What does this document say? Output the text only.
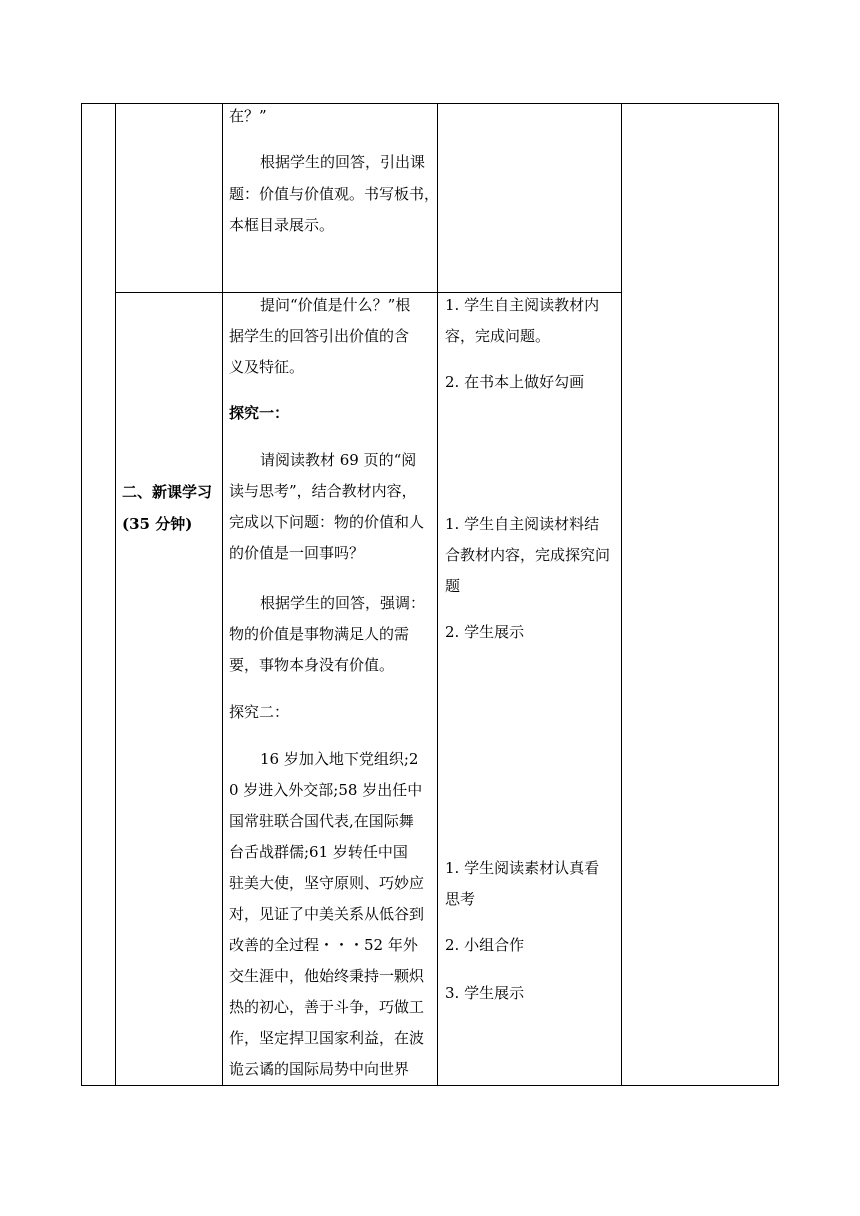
在？”
根据学生的回答，引出课
题：价值与价值观。书写板书，
本框目录展示。
二、新课学习
(35 分钟)
提问“价值是什么？”根
据学生的回答引出价值的含
义及特征。
探究一：
请阅读教材 69 页的“阅
读与思考”，结合教材内容，
完成以下问题：物的价值和人
的价值是一回事吗？
根据学生的回答，强调：
物的价值是事物满足人的需
要，事物本身没有价值。
探究二：
16 岁加入地下党组织;2
0 岁进入外交部;58 岁出任中
国常驻联合国代表,在国际舞
台舌战群儒;61 岁转任中国
驻美大使，坚守原则、巧妙应
对，见证了中美关系从低谷到
改善的全过程・・・52 年外
交生涯中，他始终秉持一颗炽
热的初心，善于斗争，巧做工
作，坚定捍卫国家利益，在波
诡云谲的国际局势中向世界
1. 学生自主阅读教材内
容，完成问题。
2. 在书本上做好勾画
1. 学生自主阅读材料结
合教材内容，完成探究问
题
2. 学生展示
1. 学生阅读素材认真看
思考
2. 小组合作
3. 学生展示
